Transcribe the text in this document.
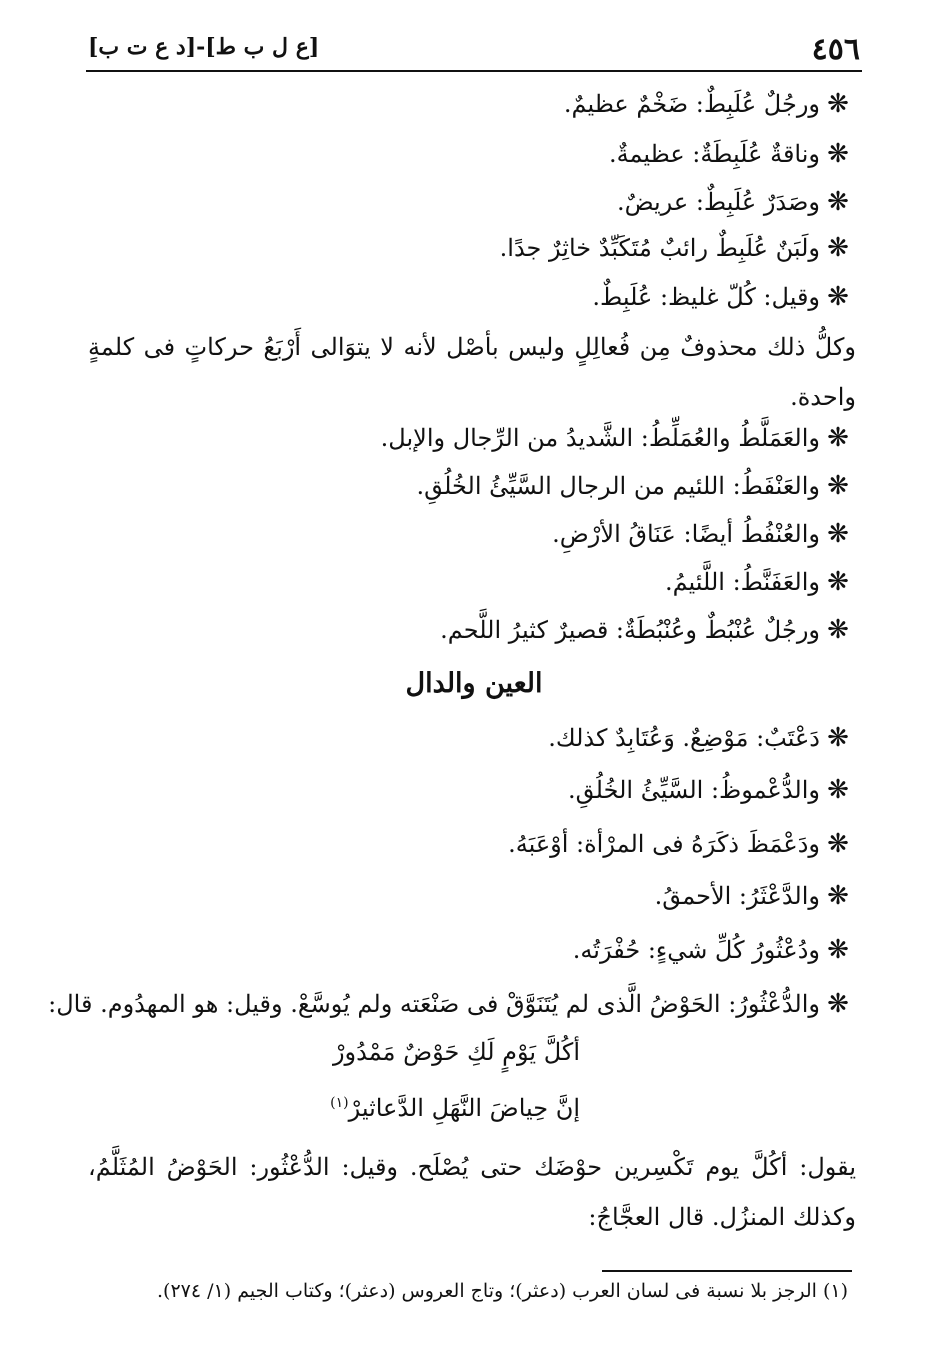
٤٥٦
[ع ل ب ط]-[د ع ت ب]
❋ورجُلٌ عُلَبِطٌ: ضَخْمٌ عظيمٌ.
❋وناقةٌ عُلَبِطَةٌ: عظيمةٌ.
❋وصَدَرٌ عُلَبِطٌ: عريضٌ.
❋ولَبَنٌ عُلَبِطٌ رائبٌ مُتَكَبِّدٌ خاثِرٌ جدًا.
❋وقيل: كُلّ غليظ: عُلَبِطٌ.
وكلُّ ذلك محذوفٌ مِن فُعالِلٍ وليس بأصْل لأنه لا يتوَالى أَرْبَعُ حركاتٍ فى كلمةٍ واحدة.
❋والعَمَلَّطُ والعُمَلِّطُ: الشَّديدُ من الرِّجال والإبل.
❋والعَنْفَطُ: اللئيم من الرجال السَّيِّئُ الخُلُقِ.
❋والعُنْفُطُ أيضًا: عَنَاقُ الأرْضِ.
❋والعَفَنَّطُ: اللَّئيمُ.
❋ورجُلٌ عُنْبُطٌ وعُنْبُطَةٌ: قصيرٌ كثيرُ اللَّحم.
العين والدال
❋دَعْتَبٌ: مَوْضِعٌ. وَعُتَابِدٌ كذلك.
❋والدُّعْموظُ: السَّيِّئُ الخُلُقِ.
❋ودَعْمَظَ ذكَرَهُ فى المرْأة: أوْعَبَهُ.
❋والدَّعْثَرُ: الأحمقُ.
❋ودُعْثُورُ كُلِّ شيءٍ: حُفْرَتُه.
❋والدُّعْثُورُ: الحَوْضُ الَّذى لم يُتَنَوَّقْ فى صَنْعَته ولم يُوسَّعْ. وقيل: هو المهدُوم. قال:
أكُلَّ يَوْمٍ لَكِ حَوْضٌ مَمْدُورْ
إنَّ حِياضَ النَّهَلِ الدَّعاثيرْ$^{(١)}$
يقول: أكُلَّ يوم تَكْسِرين حوْضَك حتى يُصْلَح. وقيل: الدُّعْثُور: الحَوْضُ المُثَلَّمُ، وكذلك المنزُل. قال العجَّاجُ:
(١) الرجز بلا نسبة فى لسان العرب (دعثر)؛ وتاج العروس (دعثر)؛ وكتاب الجيم (١/ ٢٧٤).
